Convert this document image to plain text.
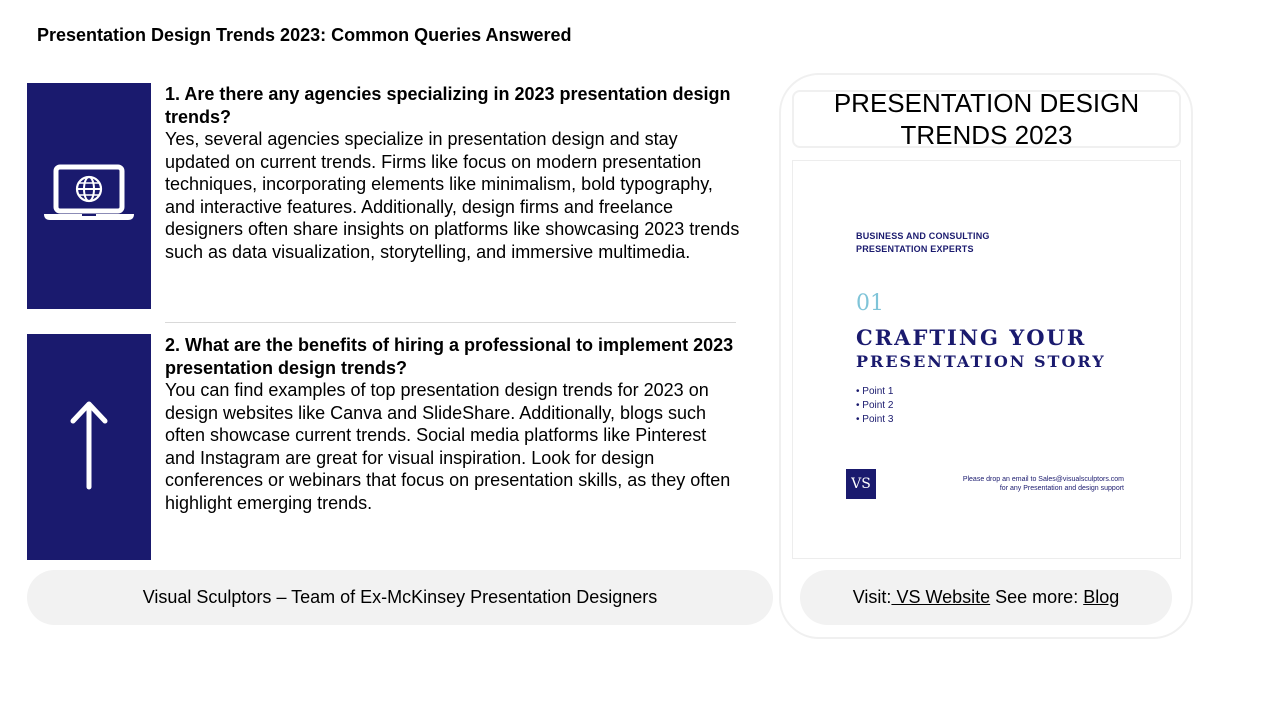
Presentation Design Trends 2023: Common Queries Answered
1. Are there any agencies specializing in 2023 presentation design trends?
Yes, several agencies specialize in presentation design and stay updated on current trends. Firms like focus on modern presentation techniques, incorporating elements like minimalism, bold typography, and interactive features. Additionally, design firms and freelance designers often share insights on platforms like showcasing 2023 trends such as data visualization, storytelling, and immersive multimedia.
2. What are the benefits of hiring a professional to implement 2023 presentation design trends?
You can find examples of top presentation design trends for 2023 on design websites like Canva and SlideShare. Additionally, blogs such often showcase current trends. Social media platforms like Pinterest and Instagram are great for visual inspiration. Look for design conferences or webinars that focus on presentation skills, as they often highlight emerging trends.
Visual Sculptors – Team of Ex-McKinsey Presentation Designers
PRESENTATION DESIGN TRENDS 2023
BUSINESS AND CONSULTING
PRESENTATION EXPERTS
01
CRAFTING YOUR
PRESENTATION STORY
• Point 1
• Point 2
• Point 3
VS	Please drop an email to Sales@visualsculptors.com
for any Presentation and design support
Visit: VS Website See more: Blog
